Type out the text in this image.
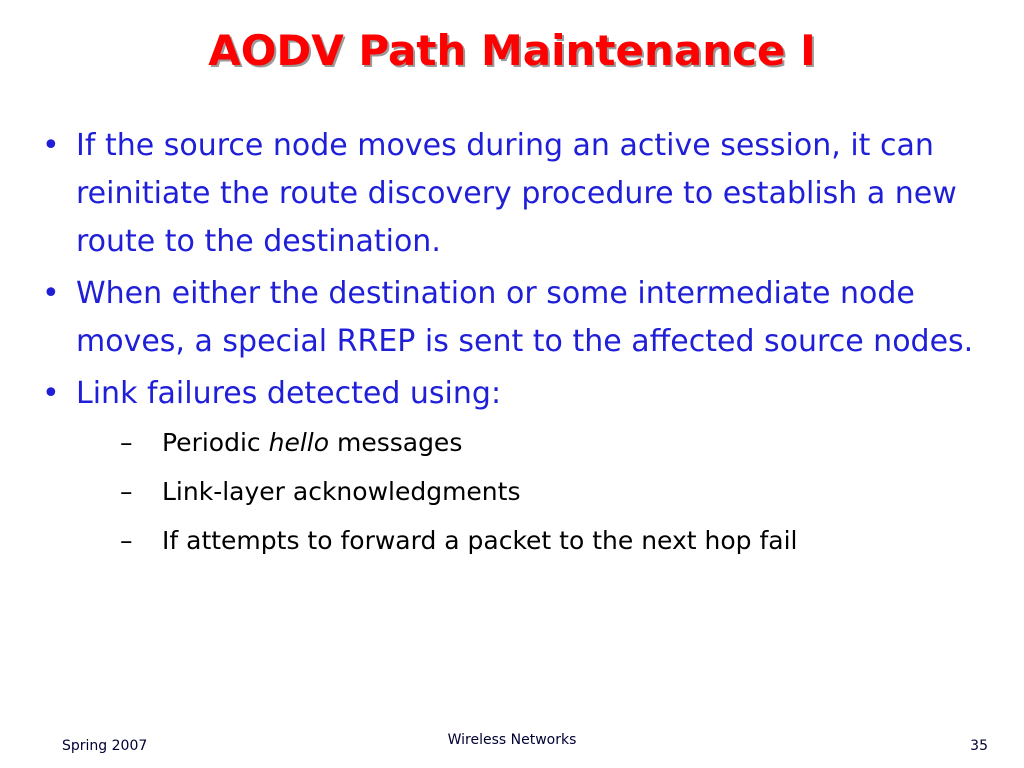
AODV Path Maintenance I
• If the source node moves during an active session, it can reinitiate the route discovery procedure to establish a new route to the destination.
• When either the destination or some intermediate node moves, a special RREP is sent to the affected source nodes.
• Link failures detected using:
– Periodic hello messages
– Link-layer acknowledgments
– If attempts to forward a packet to the next hop fail
Spring 2007	Wireless Networks	35
